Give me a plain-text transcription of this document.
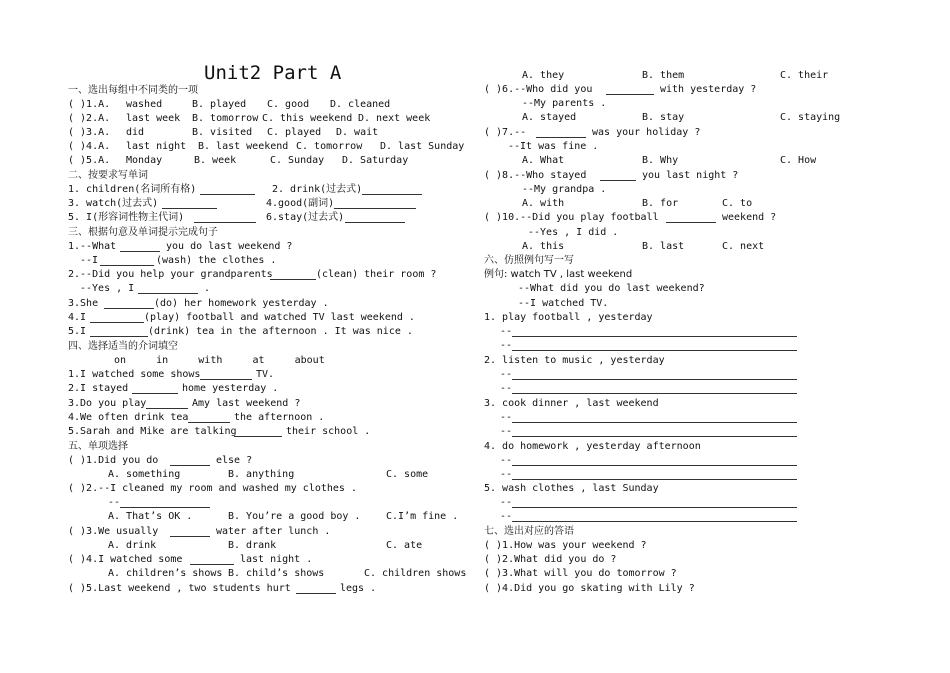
Unit2 Part A
一、选出每组中不同类的一项
( )1.A. washed	B. played C. good D. cleaned
( )2.A. last week B. tomorrow C. this weekend D. next week
( )3.A. did	B. visited C. played D. wait
( )4.A. last night B. last weekend C. tomorrow D. last Sunday
( )5.A. Monday	B. week	C. Sunday D. Saturday
二、按要求写单词
1. children(名词所有格)	2. drink(过去式)
3. watch(过去式)	4.good(副词)
5. I(形容词性物主代词)	6.stay(过去式)
三、根据句意及单词提示完成句子
1.--What	you do last weekend ?
--I	(wash) the clothes .
2.--Did you help your grandparents	(clean) their room ?
--Yes , I	.
3.She	(do) her homework yesterday .
4.I	(play) football and watched TV last weekend .
5.I	(drink) tea in the afternoon . It was nice .
四、选择适当的介词填空
on     in     with     at     about
1.I watched some shows	TV.
2.I stayed	home yesterday .
3.Do you play	Amy last weekend ?
4.We often drink tea	the afternoon .
5.Sarah and Mike are talking	their school .
五、单项选择
( )1.Did you do	else ?
A. something	B. anything	C. some
( )2.--I cleaned my room and washed my clothes .
--
A. That’s OK .	B. You’re a good boy .	C.I’m fine .
( )3.We usually	water after lunch .
A. drink	B. drank	C. ate
( )4.I watched some	last night .
A. children’s shows B. child’s shows	C. children shows
( )5.Last weekend , two students hurt	legs .
A. they	B. them	C. their
( )6.--Who did you	with yesterday ?
--My parents .
A. stayed	B. stay	C. staying
( )7.--	was your holiday ?
--It was fine .
A. What	B. Why	C. How
( )8.--Who stayed	you last night ?
--My grandpa .
A. with	B. for	C. to
( )10.--Did you play football	weekend ?
--Yes , I did .
A. this	B. last	C. next
六、仿照例句写一写
例句: watch TV , last weekend
--What did you do last weekend?
--I watched TV.
1. play football , yesterday
--
--
2. listen to music , yesterday
--
--
3. cook dinner , last weekend
--
--
4. do homework , yesterday afternoon
--
--
5. wash clothes , last Sunday
--
--
七、选出对应的答语
( )1.How was your weekend ?
( )2.What did you do ?
( )3.What will you do tomorrow ?
( )4.Did you go skating with Lily ?
